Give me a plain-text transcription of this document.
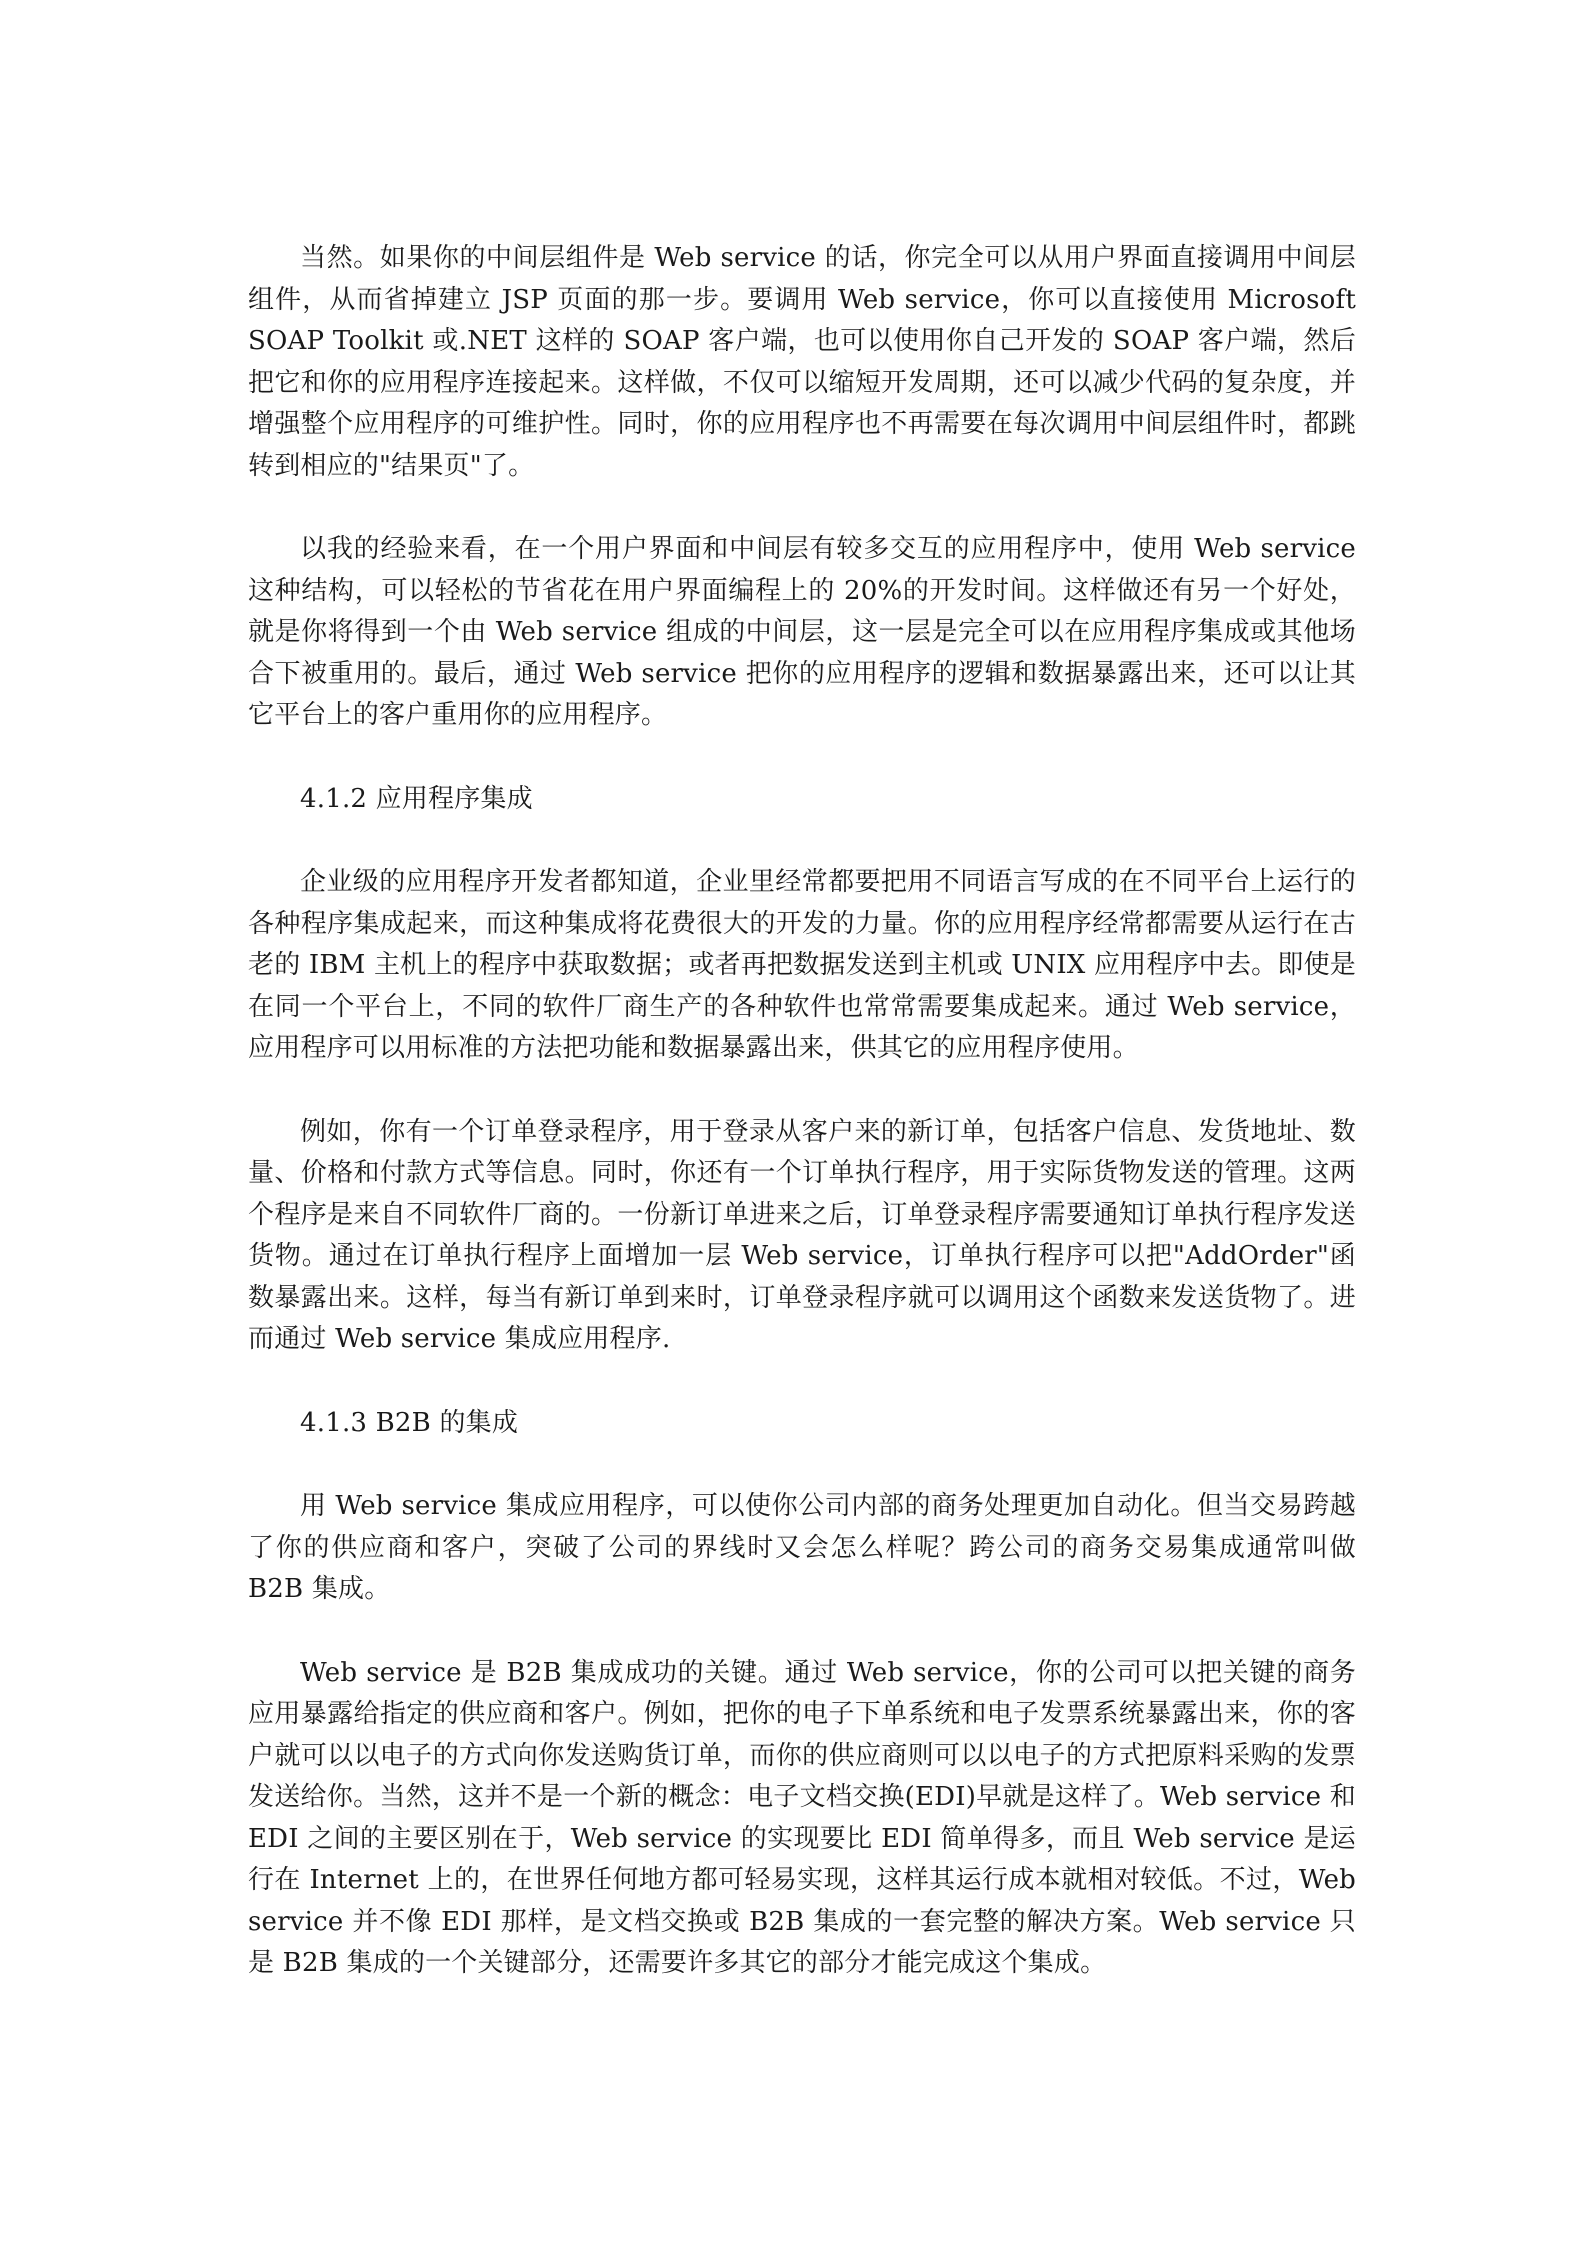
当然。如果你的中间层组件是 Web service 的话，你完全可以从用户界面直接调用中间层组件，从而省掉建立 JSP 页面的那一步。要调用 Web service，你可以直接使用 Microsoft SOAP Toolkit 或.NET 这样的 SOAP 客户端，也可以使用你自己开发的 SOAP 客户端，然后把它和你的应用程序连接起来。这样做，不仅可以缩短开发周期，还可以减少代码的复杂度，并增强整个应用程序的可维护性。同时，你的应用程序也不再需要在每次调用中间层组件时，都跳转到相应的"结果页"了。

以我的经验来看，在一个用户界面和中间层有较多交互的应用程序中，使用 Web service 这种结构，可以轻松的节省花在用户界面编程上的 20%的开发时间。这样做还有另一个好处，就是你将得到一个由 Web service 组成的中间层，这一层是完全可以在应用程序集成或其他场合下被重用的。最后，通过 Web service 把你的应用程序的逻辑和数据暴露出来，还可以让其它平台上的客户重用你的应用程序。

4.1.2 应用程序集成

企业级的应用程序开发者都知道，企业里经常都要把用不同语言写成的在不同平台上运行的各种程序集成起来，而这种集成将花费很大的开发的力量。你的应用程序经常都需要从运行在古老的 IBM 主机上的程序中获取数据；或者再把数据发送到主机或 UNIX 应用程序中去。即使是在同一个平台上，不同的软件厂商生产的各种软件也常常需要集成起来。通过 Web service，应用程序可以用标准的方法把功能和数据暴露出来，供其它的应用程序使用。

例如，你有一个订单登录程序，用于登录从客户来的新订单，包括客户信息、发货地址、数量、价格和付款方式等信息。同时，你还有一个订单执行程序，用于实际货物发送的管理。这两个程序是来自不同软件厂商的。一份新订单进来之后，订单登录程序需要通知订单执行程序发送货物。通过在订单执行程序上面增加一层 Web service，订单执行程序可以把"AddOrder"函数暴露出来。这样，每当有新订单到来时，订单登录程序就可以调用这个函数来发送货物了。进而通过 Web service 集成应用程序.

4.1.3 B2B 的集成

用 Web service 集成应用程序，可以使你公司内部的商务处理更加自动化。但当交易跨越了你的供应商和客户，突破了公司的界线时又会怎么样呢？跨公司的商务交易集成通常叫做 B2B 集成。

Web service 是 B2B 集成成功的关键。通过 Web service，你的公司可以把关键的商务应用暴露给指定的供应商和客户。例如，把你的电子下单系统和电子发票系统暴露出来，你的客户就可以以电子的方式向你发送购货订单，而你的供应商则可以以电子的方式把原料采购的发票发送给你。当然，这并不是一个新的概念：电子文档交换(EDI)早就是这样了。Web service 和 EDI 之间的主要区别在于，Web service 的实现要比 EDI 简单得多，而且 Web service 是运行在 Internet 上的，在世界任何地方都可轻易实现，这样其运行成本就相对较低。不过，Web service 并不像 EDI 那样，是文档交换或 B2B 集成的一套完整的解决方案。Web service 只是 B2B 集成的一个关键部分，还需要许多其它的部分才能完成这个集成。
